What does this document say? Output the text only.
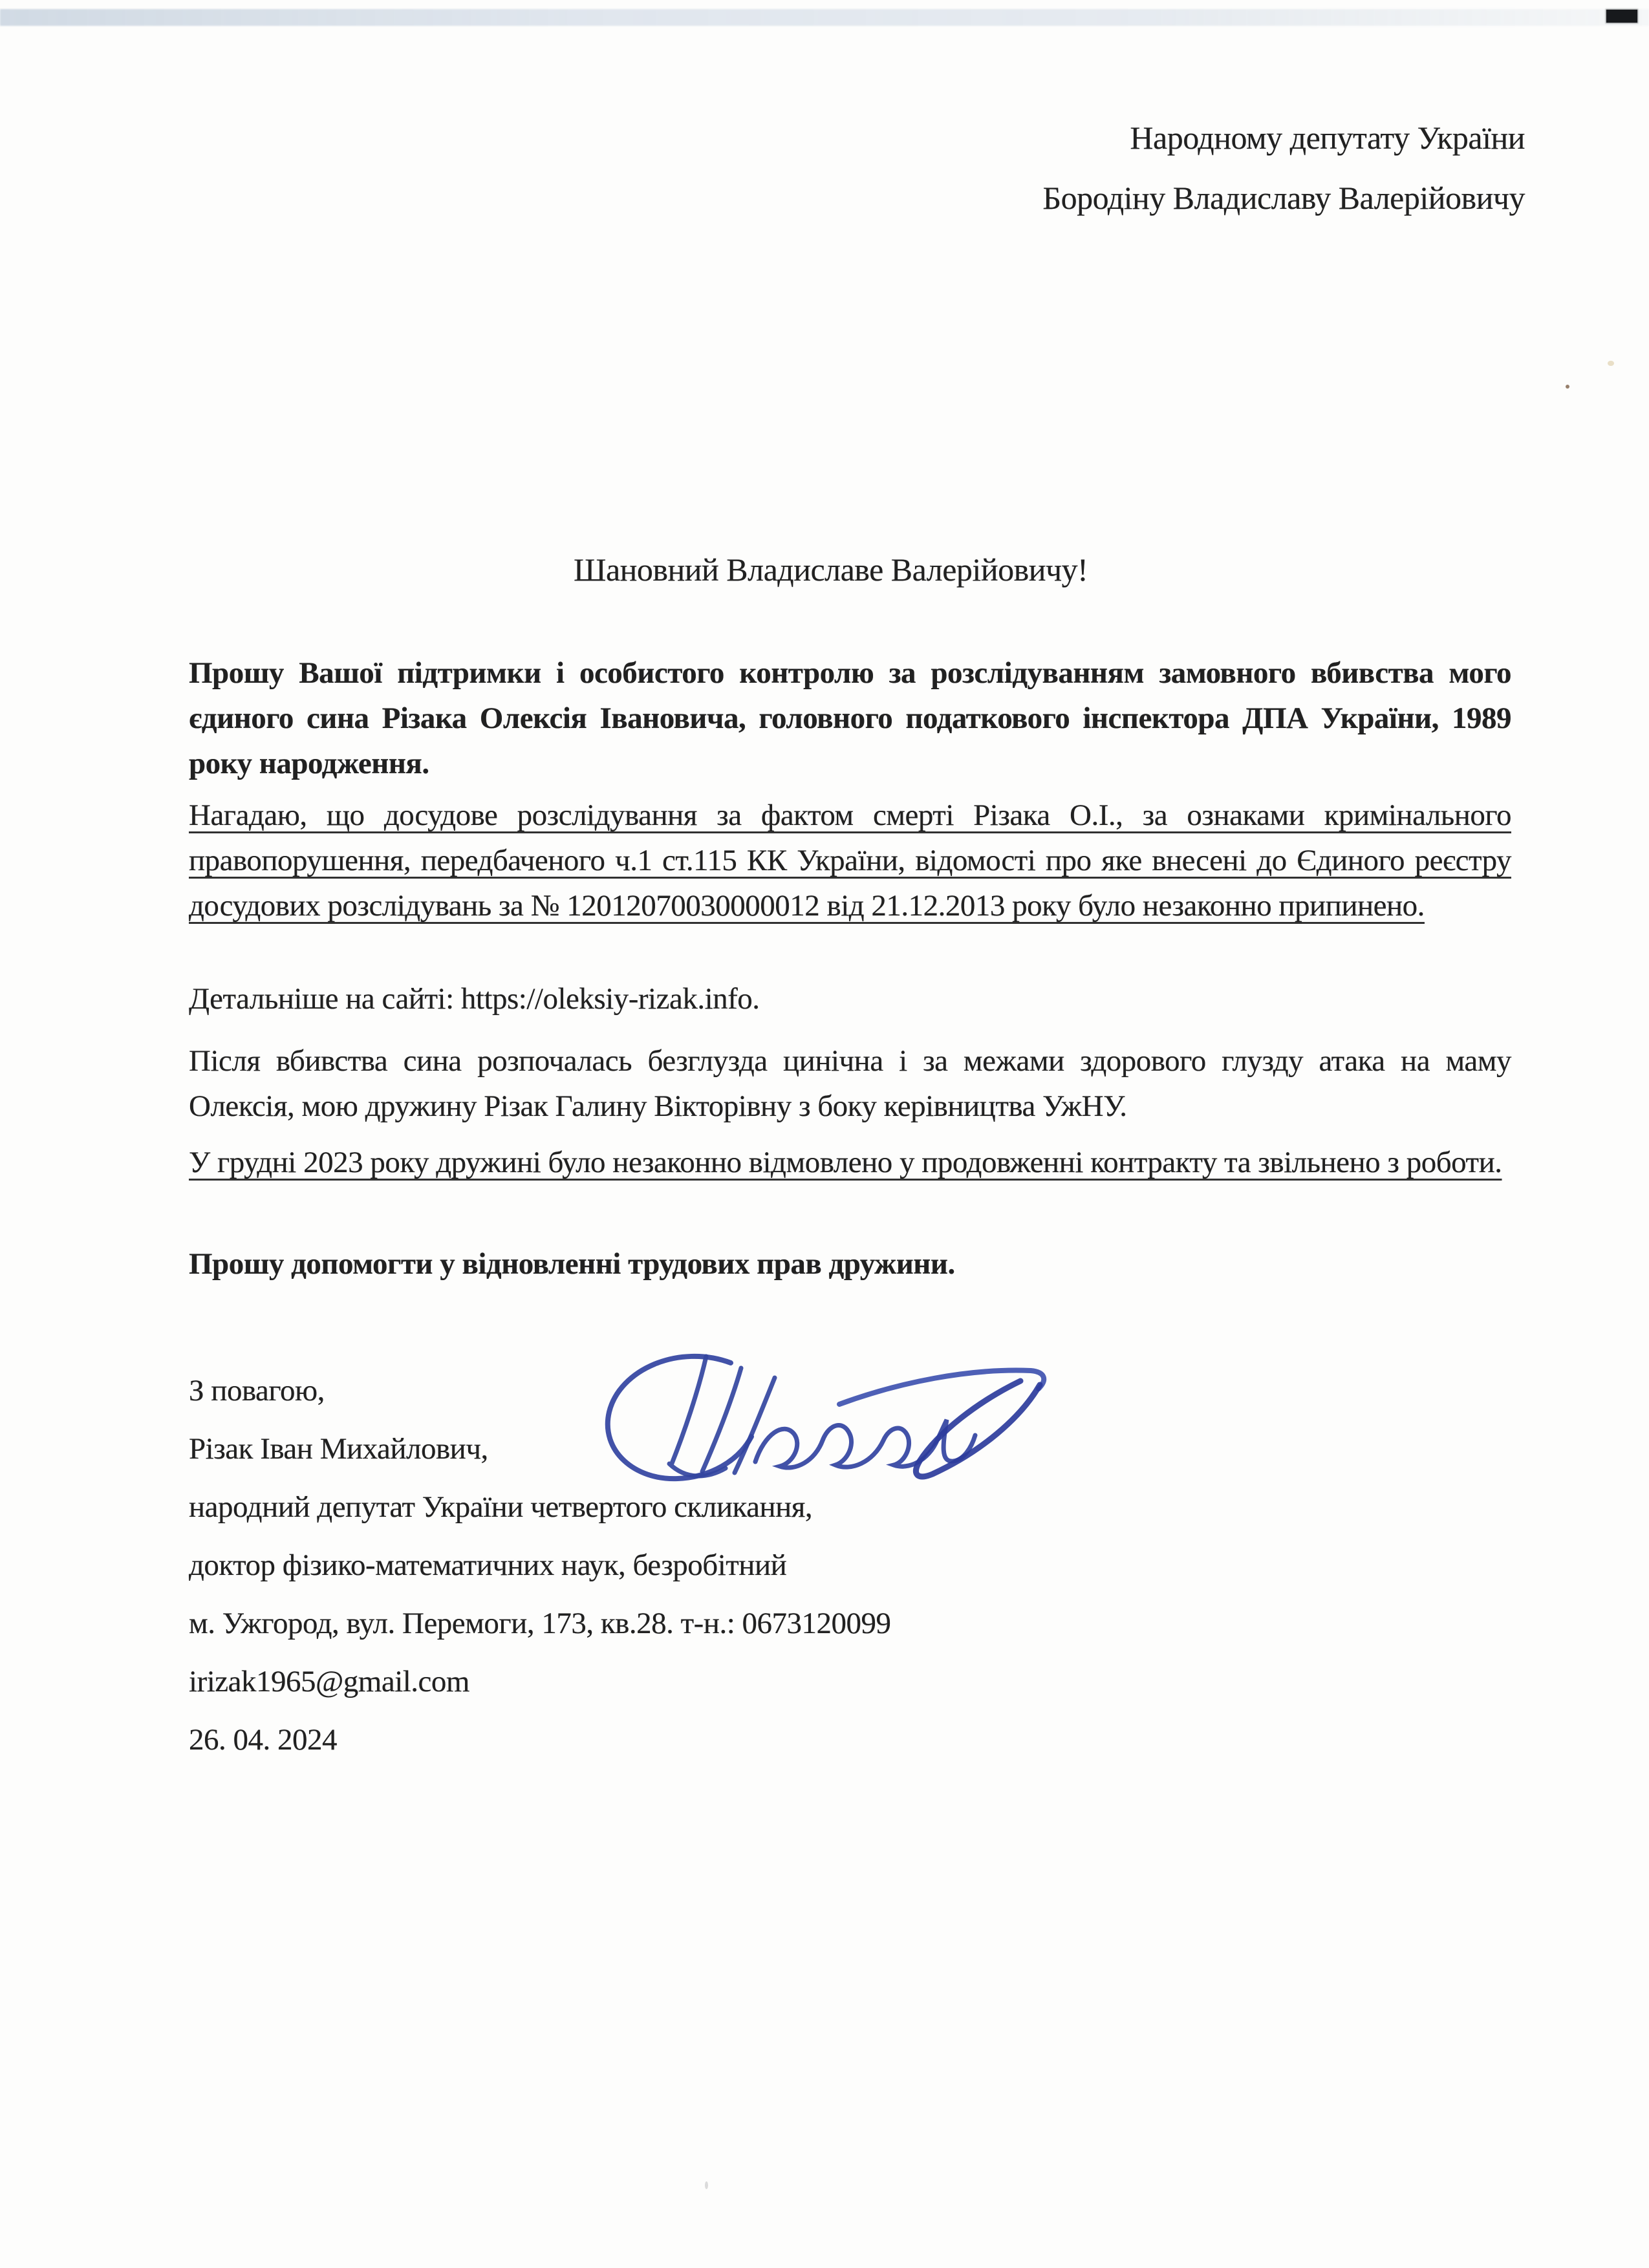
Народному депутату України
Бородіну Владиславу Валерійовичу
Шановний Владиславе Валерійовичу!
Прошу Вашої підтримки і особистого контролю за розслідуванням замовного вбивства мого єдиного сина Різака Олексія Івановича, головного податкового інспектора ДПА України, 1989 року народження.
Нагадаю, що досудове розслідування за фактом смерті Різака О.І., за ознаками кримінального правопорушення, передбаченого ч.1 ст.115 КК України, відомості про яке внесені до Єдиного реєстру досудових розслідувань за № 12012070030000012 від 21.12.2013 року було незаконно припинено.
Детальніше на сайті: https://oleksiy-rizak.info.
Після вбивства сина розпочалась безглузда цинічна і за межами здорового глузду атака на маму Олексія, мою дружину Різак Галину Вікторівну з боку керівництва УжНУ.
У грудні 2023 року дружині було незаконно відмовлено у продовженні контракту та звільнено з роботи.
Прошу допомогти у відновленні трудових прав дружини.
З повагою,
Різак Іван Михайлович,
народний депутат України четвертого скликання,
доктор фізико-математичних наук, безробітний
м. Ужгород, вул. Перемоги, 173, кв.28. т-н.: 0673120099
irizak1965@gmail.com
26. 04. 2024
